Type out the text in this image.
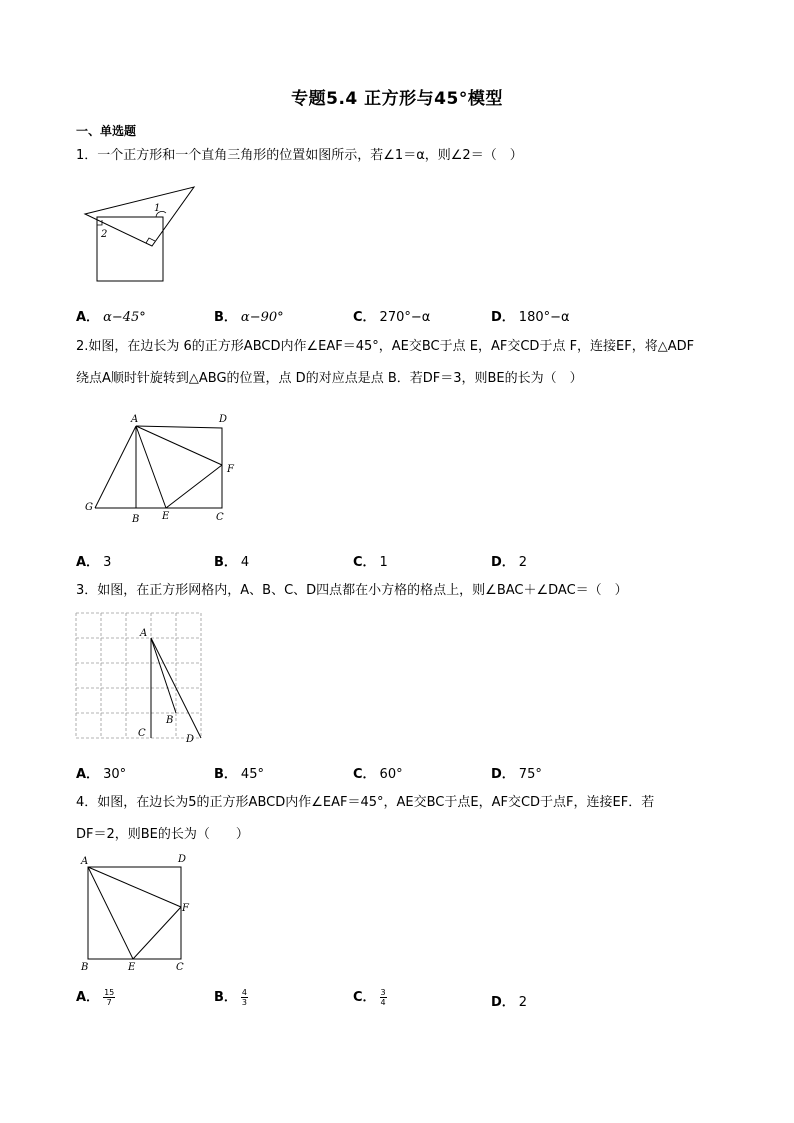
专题5.4 正方形与45°模型
一、单选题
1．一个正方形和一个直角三角形的位置如图所示，若∠1＝α，则∠2＝（　）
1
2
A． α−45°	B． α−90°	C． 270°−α	D． 180°−α
2.如图，在边长为 6的正方形ABCD内作∠EAF＝45°，AE交BC于点 E，AF交CD于点 F，连接EF，将△ADF
绕点A顺时针旋转到△ABG的位置，点 D的对应点是点 B．若DF＝3，则BE的长为（　）
A	D
F
G
B E	C
A． 3	B． 4	C． 1	D． 2
3．如图，在正方形网格内，A、B、C、D四点都在小方格的格点上，则∠BAC＋∠DAC＝（　）
A
B
C
D
A． 30°	B． 45°	C． 60°	D． 75°
4．如图，在边长为5的正方形ABCD内作∠EAF＝45°，AE交BC于点E，AF交CD于点F，连接EF．若
DF＝2，则BE的长为（　　）
A	D
F
B	E	C
A． $\frac{15}{7}$	B． $\frac{4}{3}$	C． $\frac{3}{4}$	D． 2
